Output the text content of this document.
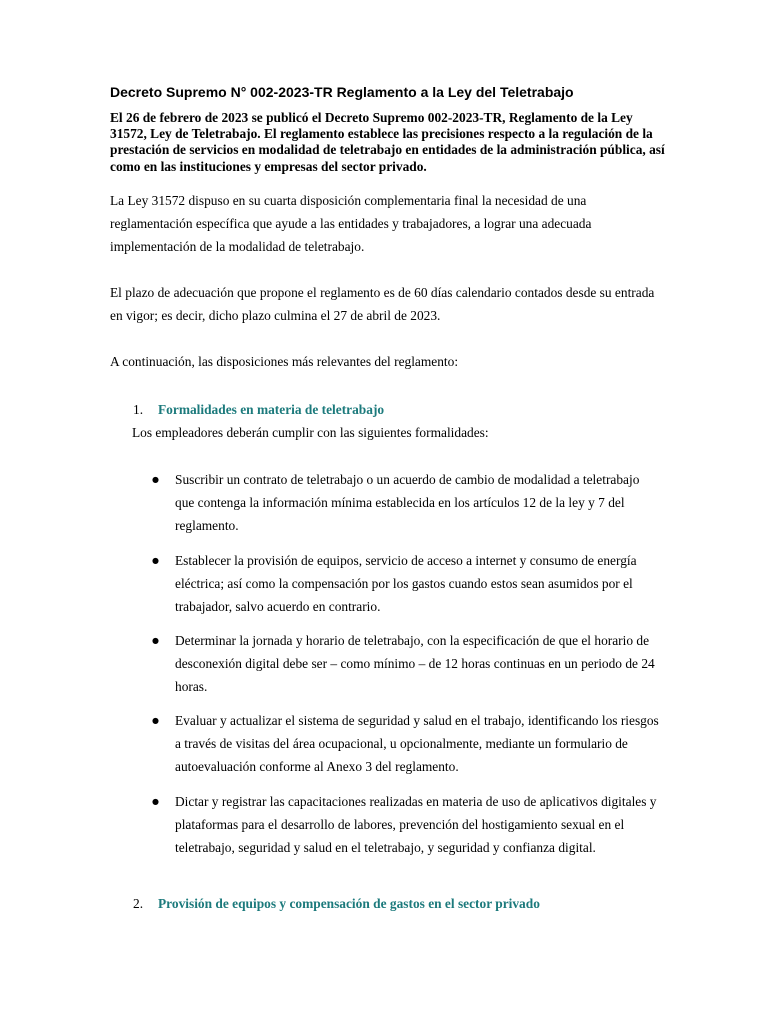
Decreto Supremo N° 002-2023-TR Reglamento a la Ley del Teletrabajo

El 26 de febrero de 2023 se publicó el Decreto Supremo 002-2023-TR, Reglamento de la Ley 31572, Ley de Teletrabajo. El reglamento establece las precisiones respecto a la regulación de la prestación de servicios en modalidad de teletrabajo en entidades de la administración pública, así como en las instituciones y empresas del sector privado.

La Ley 31572 dispuso en su cuarta disposición complementaria final la necesidad de una reglamentación específica que ayude a las entidades y trabajadores, a lograr una adecuada implementación de la modalidad de teletrabajo.

El plazo de adecuación que propone el reglamento es de 60 días calendario contados desde su entrada en vigor; es decir, dicho plazo culmina el 27 de abril de 2023.

A continuación, las disposiciones más relevantes del reglamento:

1. Formalidades en materia de teletrabajo

Los empleadores deberán cumplir con las siguientes formalidades:

● Suscribir un contrato de teletrabajo o un acuerdo de cambio de modalidad a teletrabajo que contenga la información mínima establecida en los artículos 12 de la ley y 7 del reglamento.

● Establecer la provisión de equipos, servicio de acceso a internet y consumo de energía eléctrica; así como la compensación por los gastos cuando estos sean asumidos por el trabajador, salvo acuerdo en contrario.

● Determinar la jornada y horario de teletrabajo, con la especificación de que el horario de desconexión digital debe ser – como mínimo – de 12 horas continuas en un periodo de 24 horas.

● Evaluar y actualizar el sistema de seguridad y salud en el trabajo, identificando los riesgos a través de visitas del área ocupacional, u opcionalmente, mediante un formulario de autoevaluación conforme al Anexo 3 del reglamento.

● Dictar y registrar las capacitaciones realizadas en materia de uso de aplicativos digitales y plataformas para el desarrollo de labores, prevención del hostigamiento sexual en el teletrabajo, seguridad y salud en el teletrabajo, y seguridad y confianza digital.

2. Provisión de equipos y compensación de gastos en el sector privado
